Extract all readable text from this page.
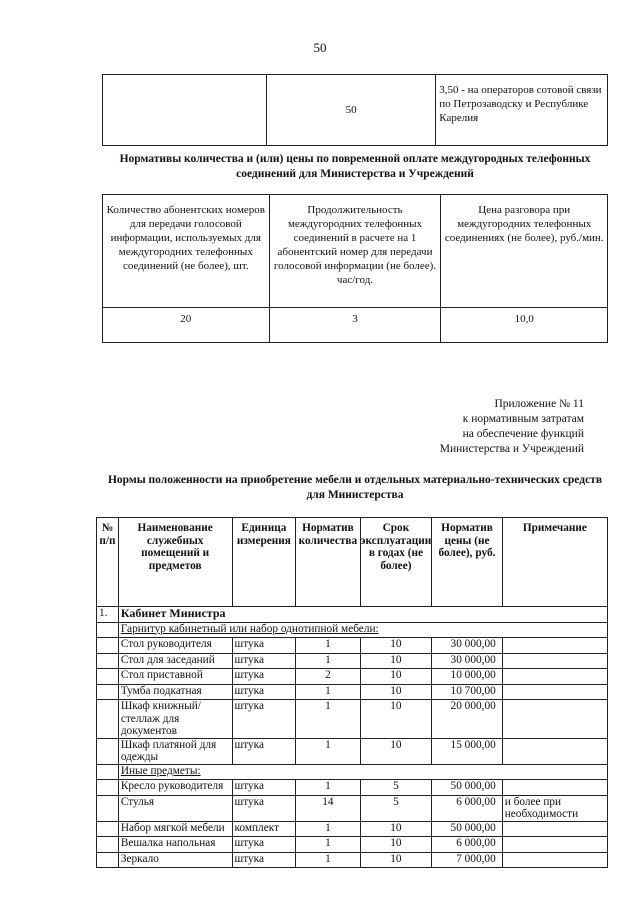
50
	50	3,50 - на операторов сотовой связи по Петрозаводску и Республике Карелия
Нормативы количества и (или) цены по повременной оплате междугородных телефонных соединений для Министерства и Учреждений
Количество абонентских номеров для передачи голосовой информации, используемых для междугородних телефонных соединений (не более), шт.	Продолжительность междугородних телефонных соединений в расчете на 1 абонентский номер для передачи голосовой информации (не более). час/год.	Цена разговора при междугородних телефонных соединениях (не более), руб./мин.
20	3	10,0
Приложение № 11
к нормативным затратам
на обеспечение функций
Министерства и Учреждений
Нормы положенности на приобретение мебели и отдельных материально-технических средств для Министерства
№ п/п	Наименование служебных помещений и предметов	Единица измерения	Норматив количества	Срок эксплуатации в годах (не более)	Норматив цены (не более), руб.	Примечание
1.	Кабинет Министра					
	Гарнитур кабинетный или набор однотипной мебели:					
	Стол руководителя	штука	1	10	30 000,00	
	Стол для заседаний	штука	1	10	30 000,00	
	Стол приставной	штука	2	10	10 000,00	
	Тумба подкатная	штука	1	10	10 700,00	
	Шкаф книжный/стеллаж для документов	штука	1	10	20 000,00	
	Шкаф платяной для одежды	штука	1	10	15 000,00	
	Иные предметы:					
	Кресло руководителя	штука	1	5	50 000,00	
	Стулья	штука	14	5	6 000,00	и более при необходимости
	Набор мягкой мебели	комплект	1	10	50 000,00	
	Вешалка напольная	штука	1	10	6 000,00	
	Зеркало	штука	1	10	7 000,00	
